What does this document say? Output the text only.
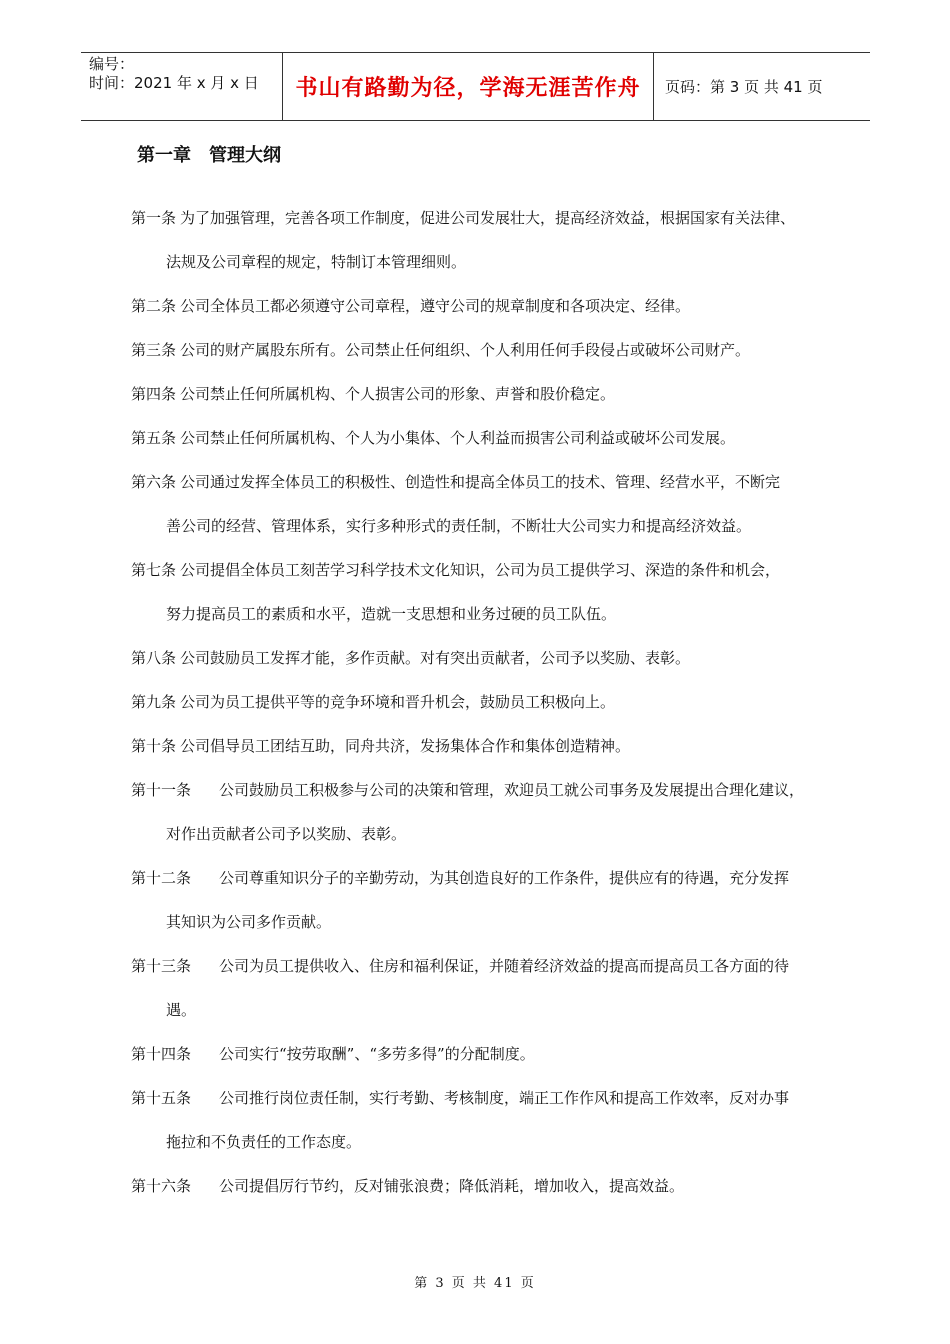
编号：
时间：2021 年 x 月 x 日	书山有路勤为径，学海无涯苦作舟	页码：第 3 页 共 41 页
第一章　管理大纲
第一条 为了加强管理，完善各项工作制度，促进公司发展壮大，提高经济效益，根据国家有关法律、
法规及公司章程的规定，特制订本管理细则。
第二条 公司全体员工都必须遵守公司章程，遵守公司的规章制度和各项决定、经律。
第三条 公司的财产属股东所有。公司禁止任何组织、个人利用任何手段侵占或破坏公司财产。
第四条 公司禁止任何所属机构、个人损害公司的形象、声誉和股价稳定。
第五条 公司禁止任何所属机构、个人为小集体、个人利益而损害公司利益或破坏公司发展。
第六条 公司通过发挥全体员工的积极性、创造性和提高全体员工的技术、管理、经营水平，不断完
善公司的经营、管理体系，实行多种形式的责任制，不断壮大公司实力和提高经济效益。
第七条 公司提倡全体员工刻苦学习科学技术文化知识，公司为员工提供学习、深造的条件和机会，
努力提高员工的素质和水平，造就一支思想和业务过硬的员工队伍。
第八条 公司鼓励员工发挥才能，多作贡献。对有突出贡献者，公司予以奖励、表彰。
第九条 公司为员工提供平等的竞争环境和晋升机会，鼓励员工积极向上。
第十条 公司倡导员工团结互助，同舟共济，发扬集体合作和集体创造精神。
第十一条 公司鼓励员工积极参与公司的决策和管理，欢迎员工就公司事务及发展提出合理化建议，
对作出贡献者公司予以奖励、表彰。
第十二条 公司尊重知识分子的辛勤劳动，为其创造良好的工作条件，提供应有的待遇，充分发挥
其知识为公司多作贡献。
第十三条 公司为员工提供收入、住房和福利保证，并随着经济效益的提高而提高员工各方面的待
遇。
第十四条 公司实行“按劳取酬”、“多劳多得”的分配制度。
第十五条 公司推行岗位责任制，实行考勤、考核制度，端正工作作风和提高工作效率，反对办事
拖拉和不负责任的工作态度。
第十六条 公司提倡厉行节约，反对铺张浪费；降低消耗，增加收入，提高效益。
第 3 页 共 41 页
